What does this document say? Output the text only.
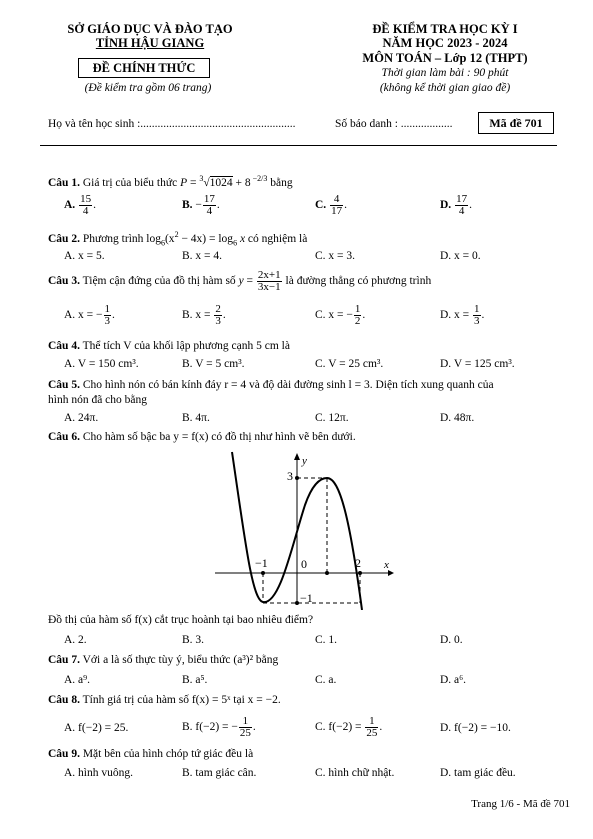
SỞ GIÁO DỤC VÀ ĐÀO TẠO
TỈNH HẬU GIANG
ĐỀ CHÍNH THỨC
(Đề kiểm tra gồm 06 trang)
ĐỀ KIỂM TRA HỌC KỲ I
NĂM HỌC 2023 - 2024
MÔN TOÁN – Lớp 12 (THPT)
Thời gian làm bài : 90 phút
(không kể thời gian giao đề)
Họ và tên học sinh :......................................................	Số báo danh : ..................	Mã đề 701
Câu 1. Giá trị của biểu thức P = $^3$√1024 + 8 $^{-2/3}$ bằng
A. $\frac{15}{4}$ .	B. − $\frac{17}{4}$ .	C. $\frac{4}{17}$ .	D. $\frac{17}{4}$ .
Câu 2. Phương trình $\log_6(x^2 - 4x) = \log_6 x$ có nghiệm là
A. x = 5.	B. x = 4.	C. x = 3.	D. x = 0.
Câu 3. Tiệm cận đứng của đồ thị hàm số $y = \frac{2x+1}{3x-1}$ là đường thẳng có phương trình
A. x = − $\frac{1}{3}$ .	B. $x = \frac{2}{3}$ .	C. x = − $\frac{1}{2}$ .	D. $x = \frac{1}{3}$ .
Câu 4. Thể tích V của khối lập phương cạnh 5 cm là
A. V = 150 cm³.	B. V = 5 cm³.	C. V = 25 cm³.	D. V = 125 cm³.
Câu 5. Cho hình nón có bán kính đáy r = 4 và độ dài đường sinh l = 3. Diện tích xung quanh của
hình nón đã cho bằng
A. 24π.	B. 4π.	C. 12π.	D. 48π.
Câu 6. Cho hàm số bậc ba y = f(x) có đồ thị như hình vẽ bên dưới.
y
x
0
3
−1	2
−1
Đồ thị của hàm số f(x) cắt trục hoành tại bao nhiêu điểm?
A. 2.	B. 3.	C. 1.	D. 0.
Câu 7. Với a là số thực tùy ý, biểu thức (a³)² bằng
A. a⁹.	B. a⁵.	C. a.	D. a⁶.
Câu 8. Tính giá trị của hàm số f(x) = 5ˣ tại x = −2.
A. f(−2) = 25.	B. f(−2) = − $\frac{1}{25}$ .	C. $f(-2) = \frac{1}{25}$ .	D. f(−2) = −10.
Câu 9. Mặt bên của hình chóp tứ giác đều là
A. hình vuông.	B. tam giác cân.	C. hình chữ nhật.	D. tam giác đều.
Trang 1/6 - Mã đề 701
